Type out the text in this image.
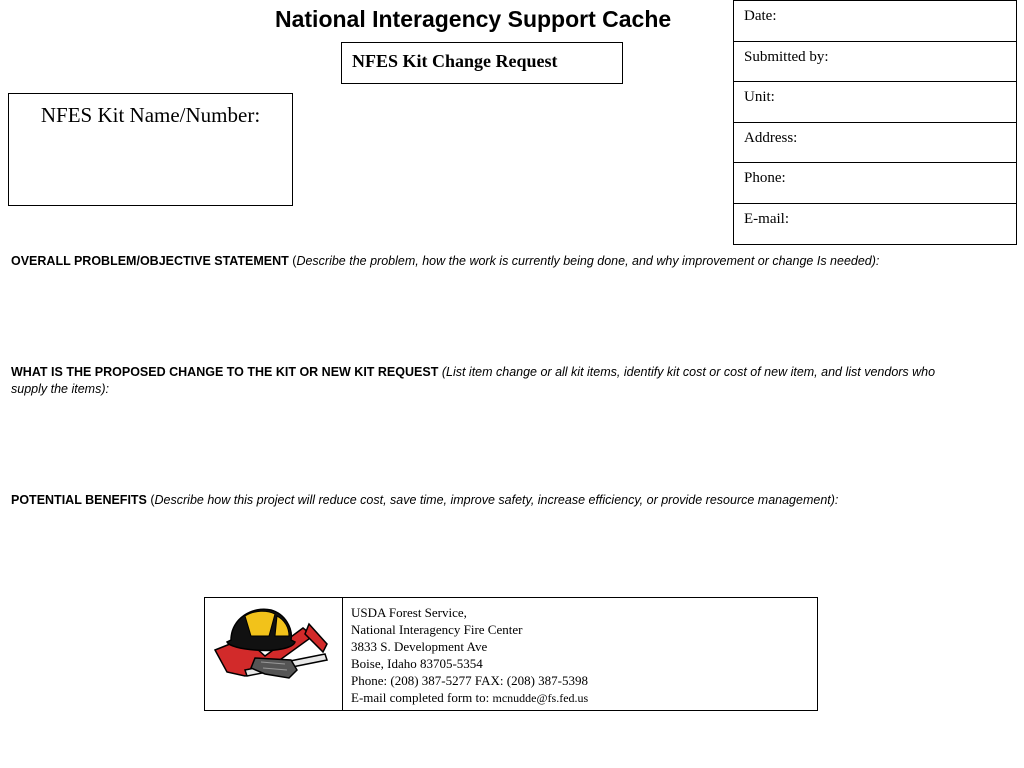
National Interagency Support Cache
NFES Kit Change Request
NFES Kit Name/Number:
Date:
Submitted by:
Unit:
Address:
Phone:
E-mail:
OVERALL PROBLEM/OBJECTIVE STATEMENT (Describe the problem, how the work is currently being done, and why improvement or change Is needed):
WHAT IS THE PROPOSED CHANGE TO THE KIT OR NEW KIT REQUEST (List item change or all kit items, identify kit cost or cost of new item, and list vendors who supply the items):
POTENTIAL BENEFITS (Describe how this project will reduce cost, save time, improve safety, increase efficiency, or provide resource management):
USDA Forest Service,
National Interagency Fire Center
3833 S. Development Ave
Boise, Idaho 83705-5354
Phone: (208) 387-5277 FAX: (208) 387-5398
E-mail completed form to: mcnudde@fs.fed.us
